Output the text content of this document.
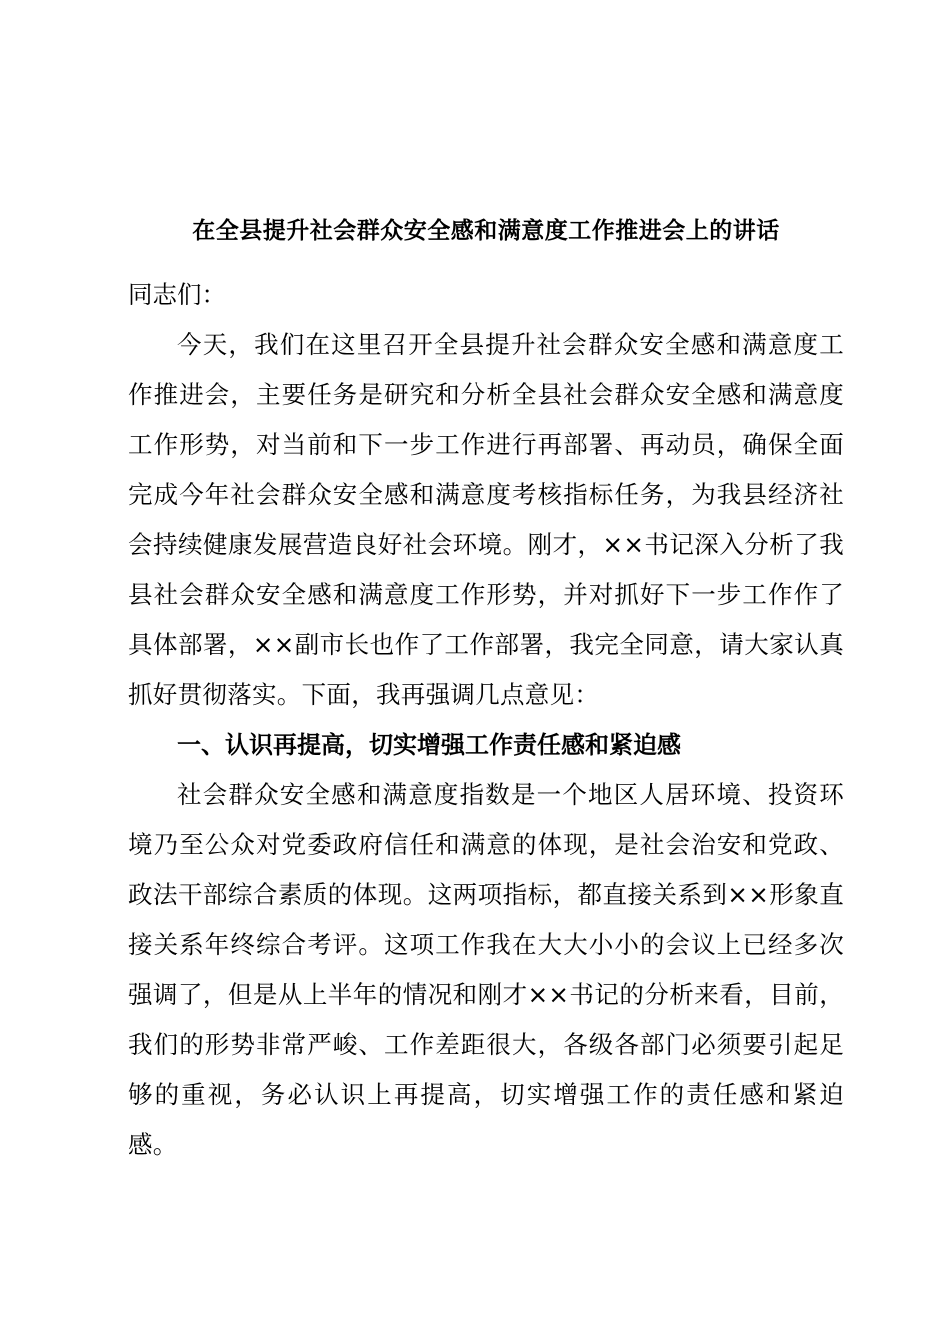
在全县提升社会群众安全感和满意度工作推进会上的讲话

同志们：

今天，我们在这里召开全县提升社会群众安全感和满意度工作推进会，主要任务是研究和分析全县社会群众安全感和满意度工作形势，对当前和下一步工作进行再部署、再动员，确保全面完成今年社会群众安全感和满意度考核指标任务，为我县经济社会持续健康发展营造良好社会环境。刚才，××书记深入分析了我县社会群众安全感和满意度工作形势，并对抓好下一步工作作了具体部署，××副市长也作了工作部署，我完全同意，请大家认真抓好贯彻落实。下面，我再强调几点意见：

一、认识再提高，切实增强工作责任感和紧迫感

社会群众安全感和满意度指数是一个地区人居环境、投资环境乃至公众对党委政府信任和满意的体现，是社会治安和党政、政法干部综合素质的体现。这两项指标，都直接关系到××形象直接关系年终综合考评。这项工作我在大大小小的会议上已经多次强调了，但是从上半年的情况和刚才××书记的分析来看，目前，我们的形势非常严峻、工作差距很大，各级各部门必须要引起足够的重视，务必认识上再提高，切实增强工作的责任感和紧迫感。
